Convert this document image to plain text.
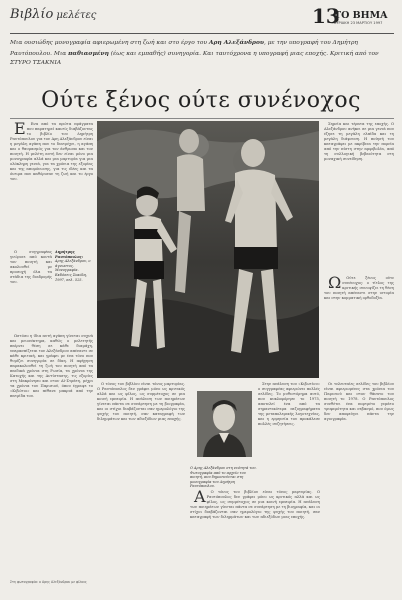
Βιβλίο μελέτες	13
ΤΟ ΒΗΜΑ
ΚΥΡΙΑΚΗ 23 ΜΑΡΤΙΟΥ 1997
Μια ουσιώδης μονογραφία αφιερωμένη στη ζωή και στο έργο του Αρη Αλεξάνδρου, με την υπογραφή του Δημήτρη Ραυτόπουλου. Μια παθιασμένη (έως και εμπαθής) συνηγορία. Και ταυτόχρονα η υπογραφή μιας εποχής. Κριτική από τον ΣΤΥΡΟ ΤΣΑΚΝΙΑ
Ούτε ξένος ούτε συνένοχος

Ε Ενα από τα πρώτα πράγματα που παρατηρεί κανείς διαβάζοντας το βιβλίο του Δημήτρη Ραυτόπουλου για τον Αρη Αλεξάνδρου είναι η μεγάλη αγάπη που το διατρέχει, η αγάπη και ο θαυμασμός για τον άνθρωπο και τον ποιητή. Η μελέτη αυτή δεν είναι μόνο μια μονογραφία αλλά και μια μαρτυρία για μια ολόκληρη γενιά, για τα χρόνια της εξορίας και της απομόνωσης, για τις ιδέες και τα όνειρα που καθόρισαν τη ζωή και το έργο του.

Δημήτρης Ραυτόπουλος:
Αρης Αλεξάνδρου, ο άγνωστος. Μονογραφία. Εκδόσεις Σοκόλη, 1997, σελ. 525.

Ο συγγραφέας γνώρισε από κοντά τον ποιητή και ακολουθεί με προσοχή όλα τα στάδια της διαδρομής του.

Σημεία και τέρατα της εποχής. Ο Αλεξάνδρου ανήκει σε μια γενιά που έζησε τη μεγάλη ελπίδα και τη μεγάλη διάψευση. Η ποίησή του καταγράφει με ακρίβεια την πορεία από την πίστη στην αμφιβολία, από τη συλλογική βεβαιότητα στη μοναχική συνείδηση.

Ω Ούτε ξένος ούτε συνένοχος: ο τίτλος της κριτικής συνοψίζει τη θέση του ποιητή απέναντι στην ιστορία και στην κομματική ορθοδοξία.

Ωστόσο η ίδια αυτή αγάπη γίνεται συχνά και μειονέκτημα, καθώς ο μελετητής παίρνει θέση σε κάθε διαμάχη, υπερασπίζεται τον Αλεξάνδρου απέναντι σε κάθε κριτική, και γράφει με ένα τόνο που θυμίζει συνηγορία σε δίκη. Η αφήγηση παρακολουθεί τη ζωή του ποιητή από τα παιδικά χρόνια στη Ρωσία, τα χρόνια της Κατοχής και της Αντίστασης, τις εξορίες στη Μακρόνησο και στον Αϊ-Στράτη, μέχρι τα χρόνια του Παρισιού, όπου έγραψε το «Κιβώτιο» και πέθανε μακριά από την πατρίδα του.

Ο τόνος του βιβλίου είναι τόνος μαρτυρίας. Ο Ραυτόπουλος δεν γράφει μόνο ως κριτικός αλλά και ως φίλος, ως συμμέτοχος σε μια κοινή εμπειρία. Η ανάλυση των ποιημάτων γίνεται πάντα σε συνάρτηση με τη βιογραφία, και οι στίχοι διαβάζονται σαν ημερολόγιο της ψυχής του ποιητή, σαν καταγραφή των διλημμάτων και των αδιεξόδων μιας εποχής.

Ο Αρης Αλεξάνδρου στη νεότητά του. Φωτογραφία από το αρχείο του ποιητή, που δημοσιεύεται στη μονογραφία του Δημήτρη Ραυτόπουλου.

Στην ανάλυση του «Κιβωτίου» ο συγγραφέας αφιερώνει πολλές σελίδες. Το μυθιστόρημα αυτό, που κυκλοφόρησε το 1975, αποτελεί ένα από τα σημαντικότερα πεζογραφήματα της μεταπολεμικής λογοτεχνίας, και η ερμηνεία του προκάλεσε πολλές συζητήσεις.

Α Ο τόνος του βιβλίου είναι τόνος μαρτυρίας. Ο Ραυτόπουλος δεν γράφει μόνο ως κριτικός αλλά και ως φίλος, ως συμμέτοχος σε μια κοινή εμπειρία. Η ανάλυση των ποιημάτων γίνεται πάντα σε συνάρτηση με τη βιογραφία, και οι στίχοι διαβάζονται σαν ημερολόγιο της ψυχής του ποιητή, σαν καταγραφή των διλημμάτων και των αδιεξόδων μιας εποχής.

Οι τελευταίες σελίδες του βιβλίου είναι αφιερωμένες στα χρόνια του Παρισιού και στον θάνατο του ποιητή το 1978. Ο Ραυτόπουλος συνθέτει ένα πορτρέτο γεμάτο τρυφερότητα και σεβασμό, που όμως δεν αποφεύγει πάντα την αγιογραφία.

Στη φωτογραφία: ο Αρης Αλεξάνδρου με φίλους
